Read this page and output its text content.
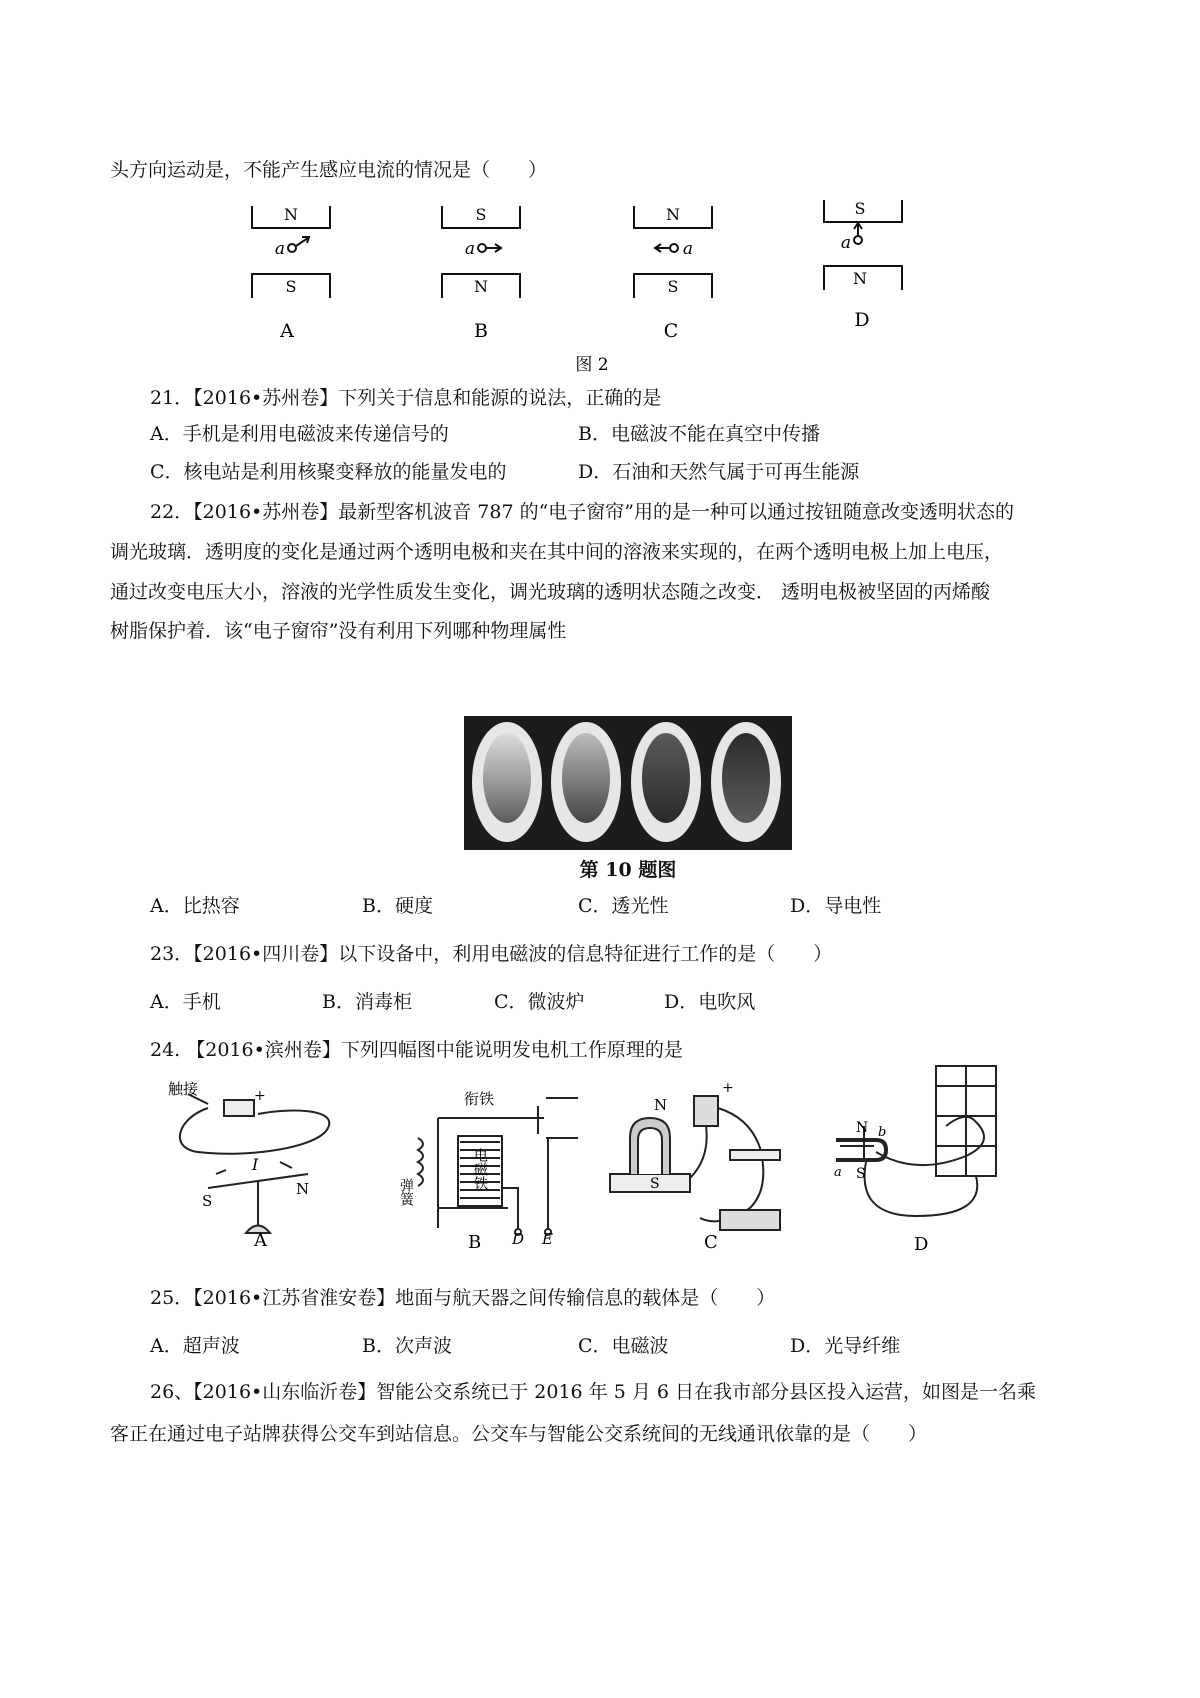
头方向运动是，不能产生感应电流的情况是（　　）
N
S
a
A
S
N
a
B
N
S
a
C
S
N
a
D
图 2
21．【2016•苏州卷】下列关于信息和能源的说法，正确的是
A．手机是利用电磁波来传递信号的	B．电磁波不能在真空中传播
C．核电站是利用核聚变释放的能量发电的	D．石油和天然气属于可再生能源
22．【2016•苏州卷】最新型客机波音 787 的“电子窗帘”用的是一种可以通过按钮随意改变透明状态的
调光玻璃．透明度的变化是通过两个透明电极和夹在其中间的溶液来实现的，在两个透明电极上加上电压，
通过改变电压大小，溶液的光学性质发生变化，调光玻璃的透明状态随之改变． 透明电极被坚固的丙烯酸
树脂保护着．该“电子窗帘”没有利用下列哪种物理属性
第 10 题图
A．比热容	B．硬度	C．透光性	D．导电性
23．【2016•四川卷】以下设备中，利用电磁波的信息特征进行工作的是（　　）
A．手机	B．消毒柜	C．微波炉	D．电吹风
24. 【2016•滨州卷】下列四幅图中能说明发电机工作原理的是
触接	+
I
S
N
A
衔铁
弹簧
电磁铁
D E
B
N
S
+
C
N b
S
a
D
25．【2016•江苏省淮安卷】地面与航天器之间传输信息的载体是（　　）
A．超声波	B．次声波	C．电磁波	D．光导纤维
26、【2016•山东临沂卷】智能公交系统已于 2016 年 5 月 6 日在我市部分县区投入运营，如图是一名乘
客正在通过电子站牌获得公交车到站信息。公交车与智能公交系统间的无线通讯依靠的是（　　）
